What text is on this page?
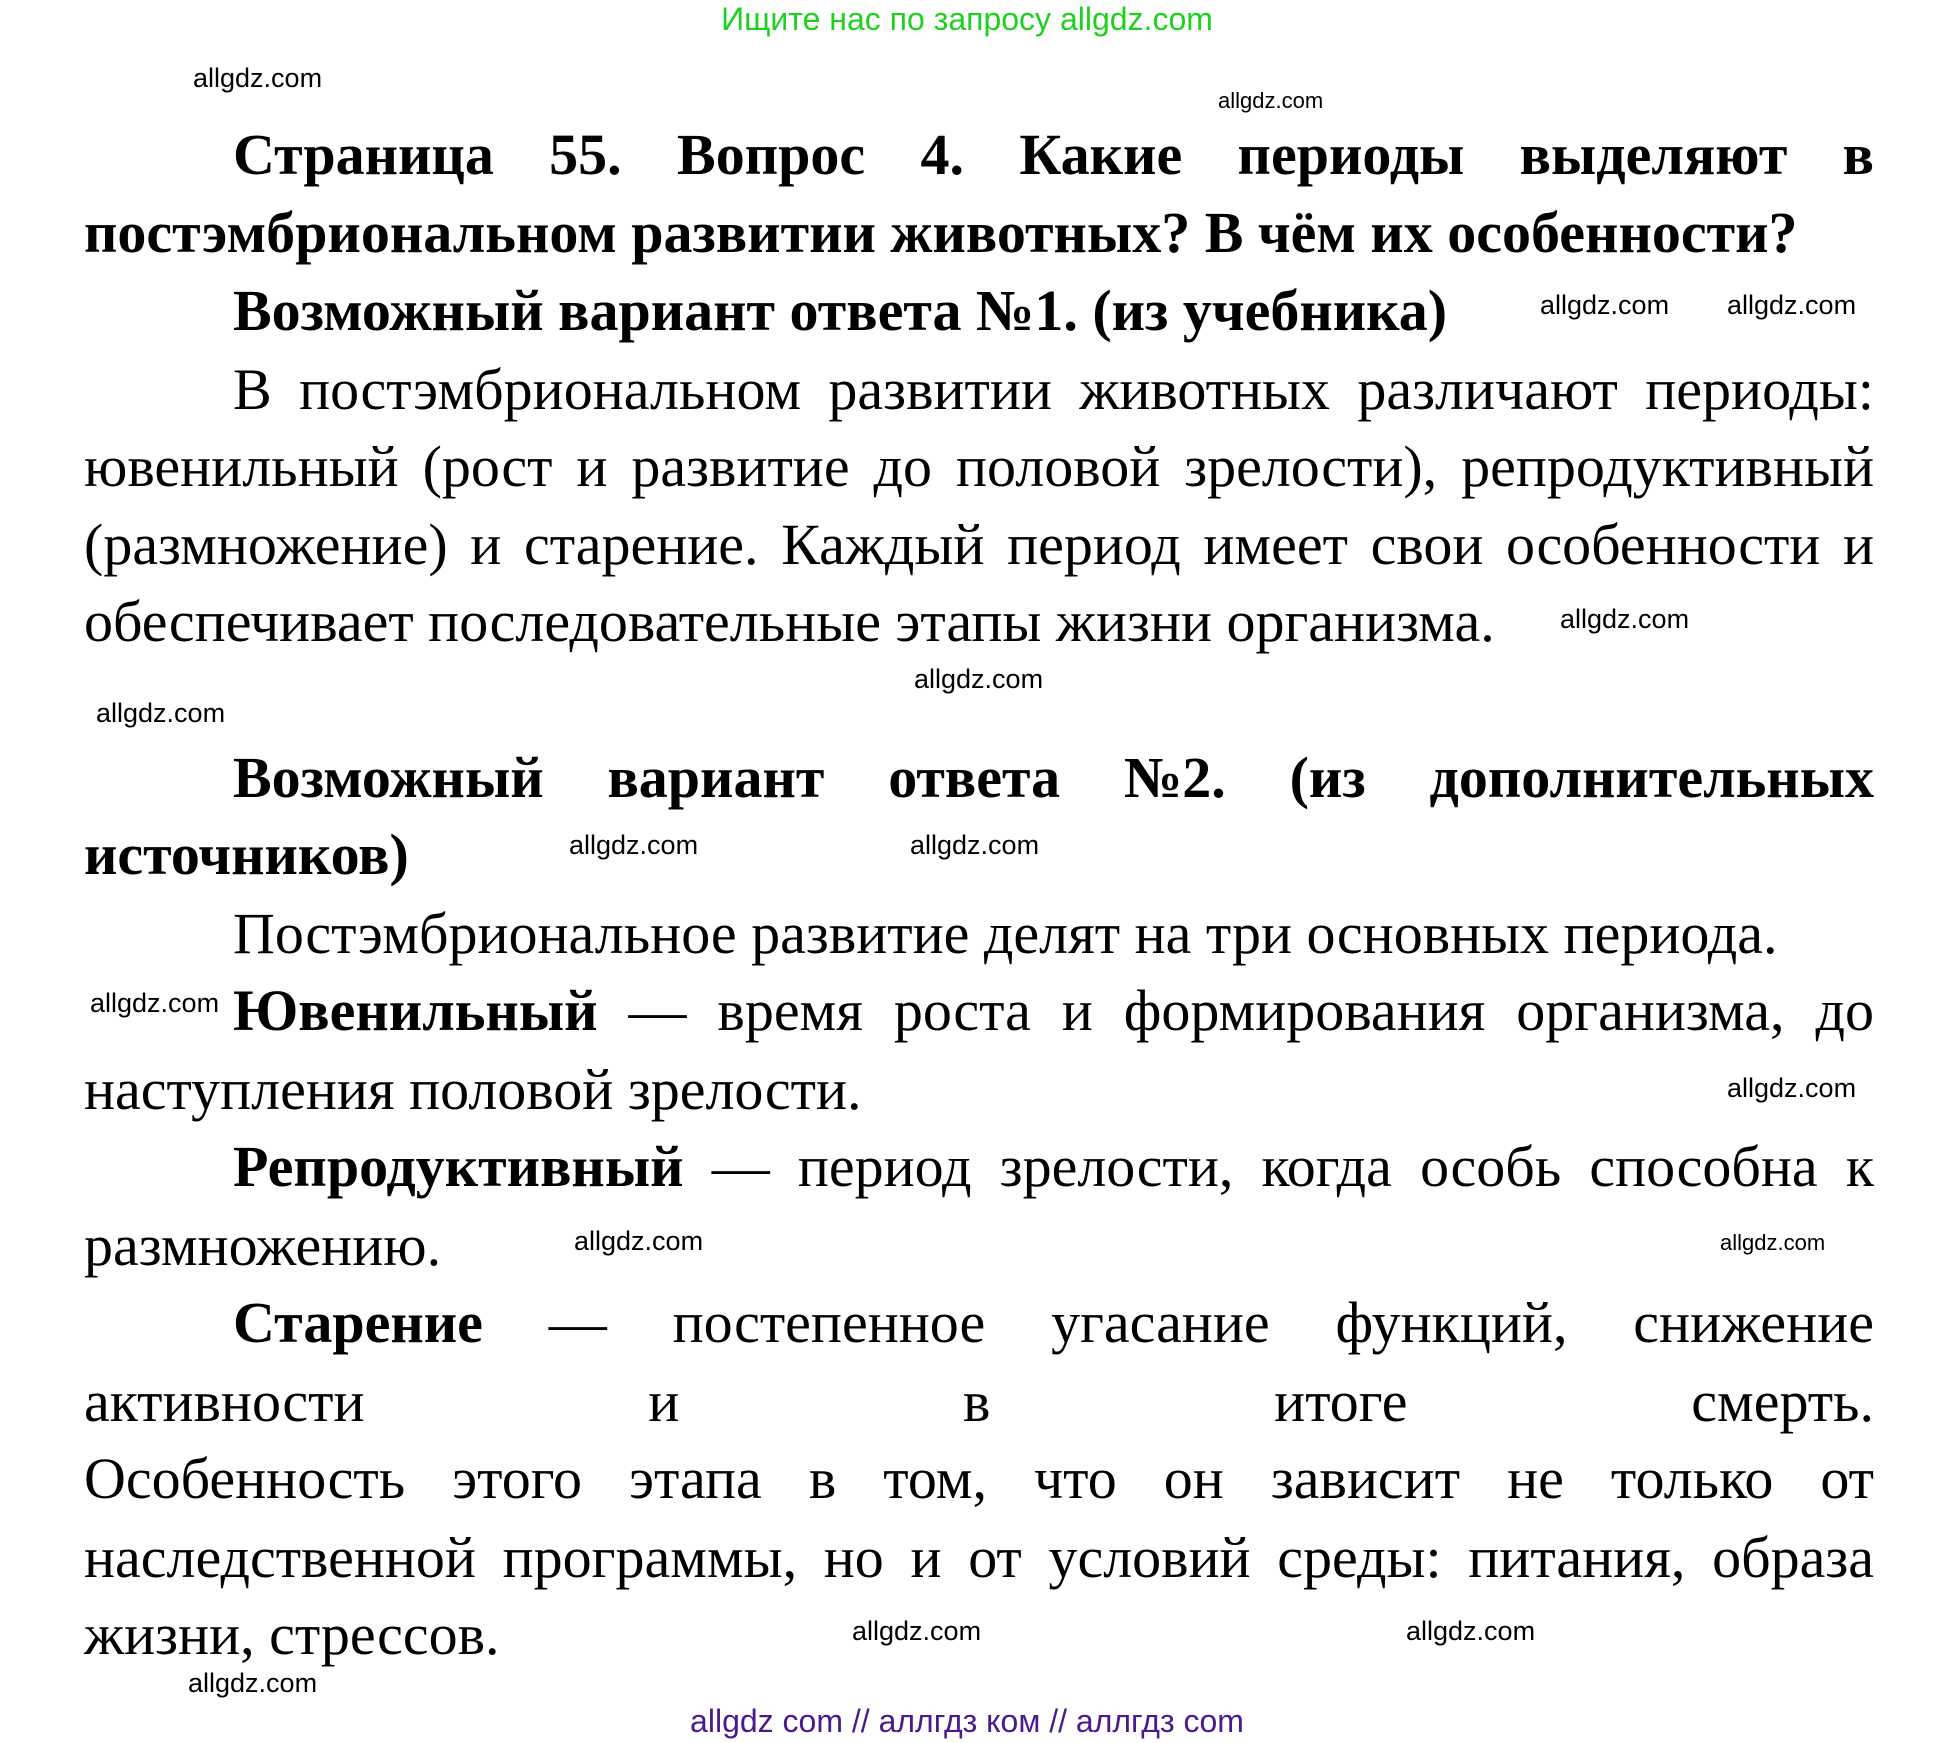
Ищите нас по запросу allgdz.com
Страница 55. Вопрос 4. Какие периоды выделяют в
постэмбриональном развитии животных? В чём их особенности?
Возможный вариант ответа №1. (из учебника)
В постэмбриональном развитии животных различают периоды:
ювенильный (рост и развитие до половой зрелости), репродуктивный
(размножение) и старение. Каждый период имеет свои особенности и
обеспечивает последовательные этапы жизни организма.
Возможный вариант ответа №2. (из дополнительных
источников)
Постэмбриональное развитие делят на три основных периода.
Ювенильный — время роста и формирования организма, до
наступления половой зрелости.
Репродуктивный — период зрелости, когда особь способна к
размножению.
Старение — постепенное угасание функций, снижение
активности и в итоге смерть.
Особенность этого этапа в том, что он зависит не только от
наследственной программы, но и от условий среды: питания, образа
жизни, стрессов.
allgdz.com
allgdz.com
allgdz.com allgdz.com
allgdz.com
allgdz.com
allgdz.com
allgdz.com	allgdz.com
allgdz.com
allgdz.com
allgdz.com	allgdz.com
allgdz.com
allgdz.com
allgdz.com
allgdz com // аллгдз ком // аллгдз com
